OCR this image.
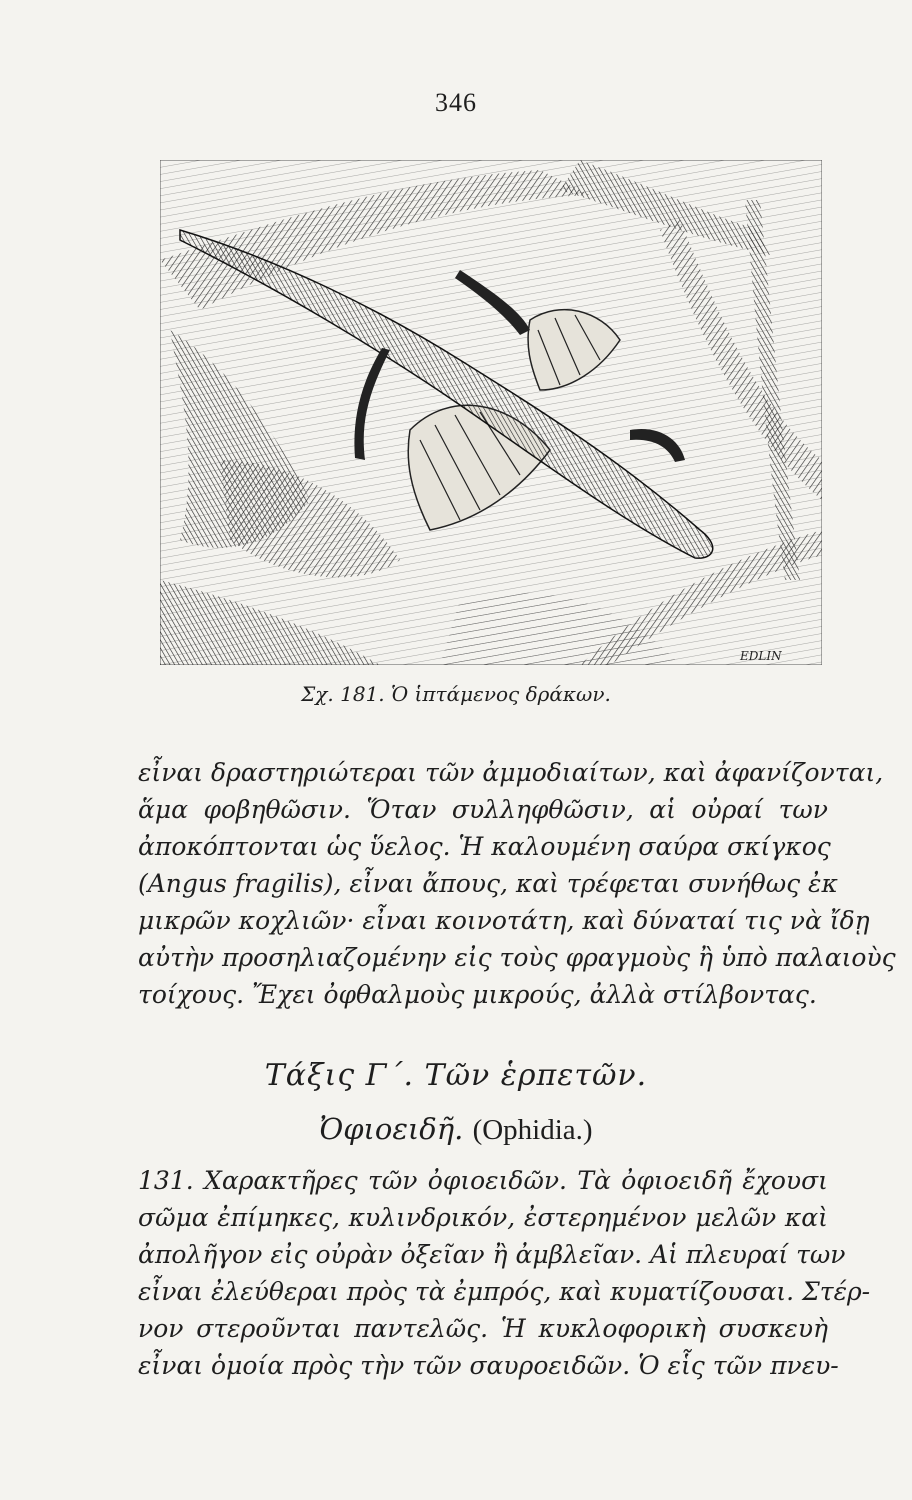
346
EDLIN
Σχ. 181. Ὁ ἱπτάμενος δράκων.
εἶναι δραστηριώτεραι τῶν ἀμμοδιαίτων, καὶ ἀφανίζονται,
ἅμα φοβηθῶσιν. Ὅταν συλληφθῶσιν, αἱ οὐραί των
ἀποκόπτονται ὡς ὕελος. Ἡ καλουμένη σαύρα σκίγκος
(Angus fragilis), εἶναι ἄπους, καὶ τρέφεται συνήθως ἐκ
μικρῶν κοχλιῶν· εἶναι κοινοτάτη, καὶ δύναταί τις νὰ ἴδῃ
αὐτὴν προσηλιαζομένην εἰς τοὺς φραγμοὺς ἢ ὑπὸ παλαιοὺς
τοίχους. Ἔχει ὀφθαλμοὺς μικρούς, ἀλλὰ στίλβοντας.
Τάξις Γ΄. Τῶν ἑρπετῶν.
Ὀφιοειδῆ. (Ophidia.)
131. Χαρακτῆρες τῶν ὀφιοειδῶν. Τὰ ὀφιοειδῆ ἔχουσι
σῶμα ἐπίμηκες, κυλινδρικόν, ἐστερημένον μελῶν καὶ
ἀπολῆγον εἰς οὐρὰν ὀξεῖαν ἢ ἀμβλεῖαν. Αἱ πλευραί των
εἶναι ἐλεύθεραι πρὸς τὰ ἐμπρός, καὶ κυματίζουσαι. Στέρ-
νον στεροῦνται παντελῶς. Ἡ κυκλοφορικὴ συσκευὴ
εἶναι ὁμοία πρὸς τὴν τῶν σαυροειδῶν. Ὁ εἷς τῶν πνευ-
